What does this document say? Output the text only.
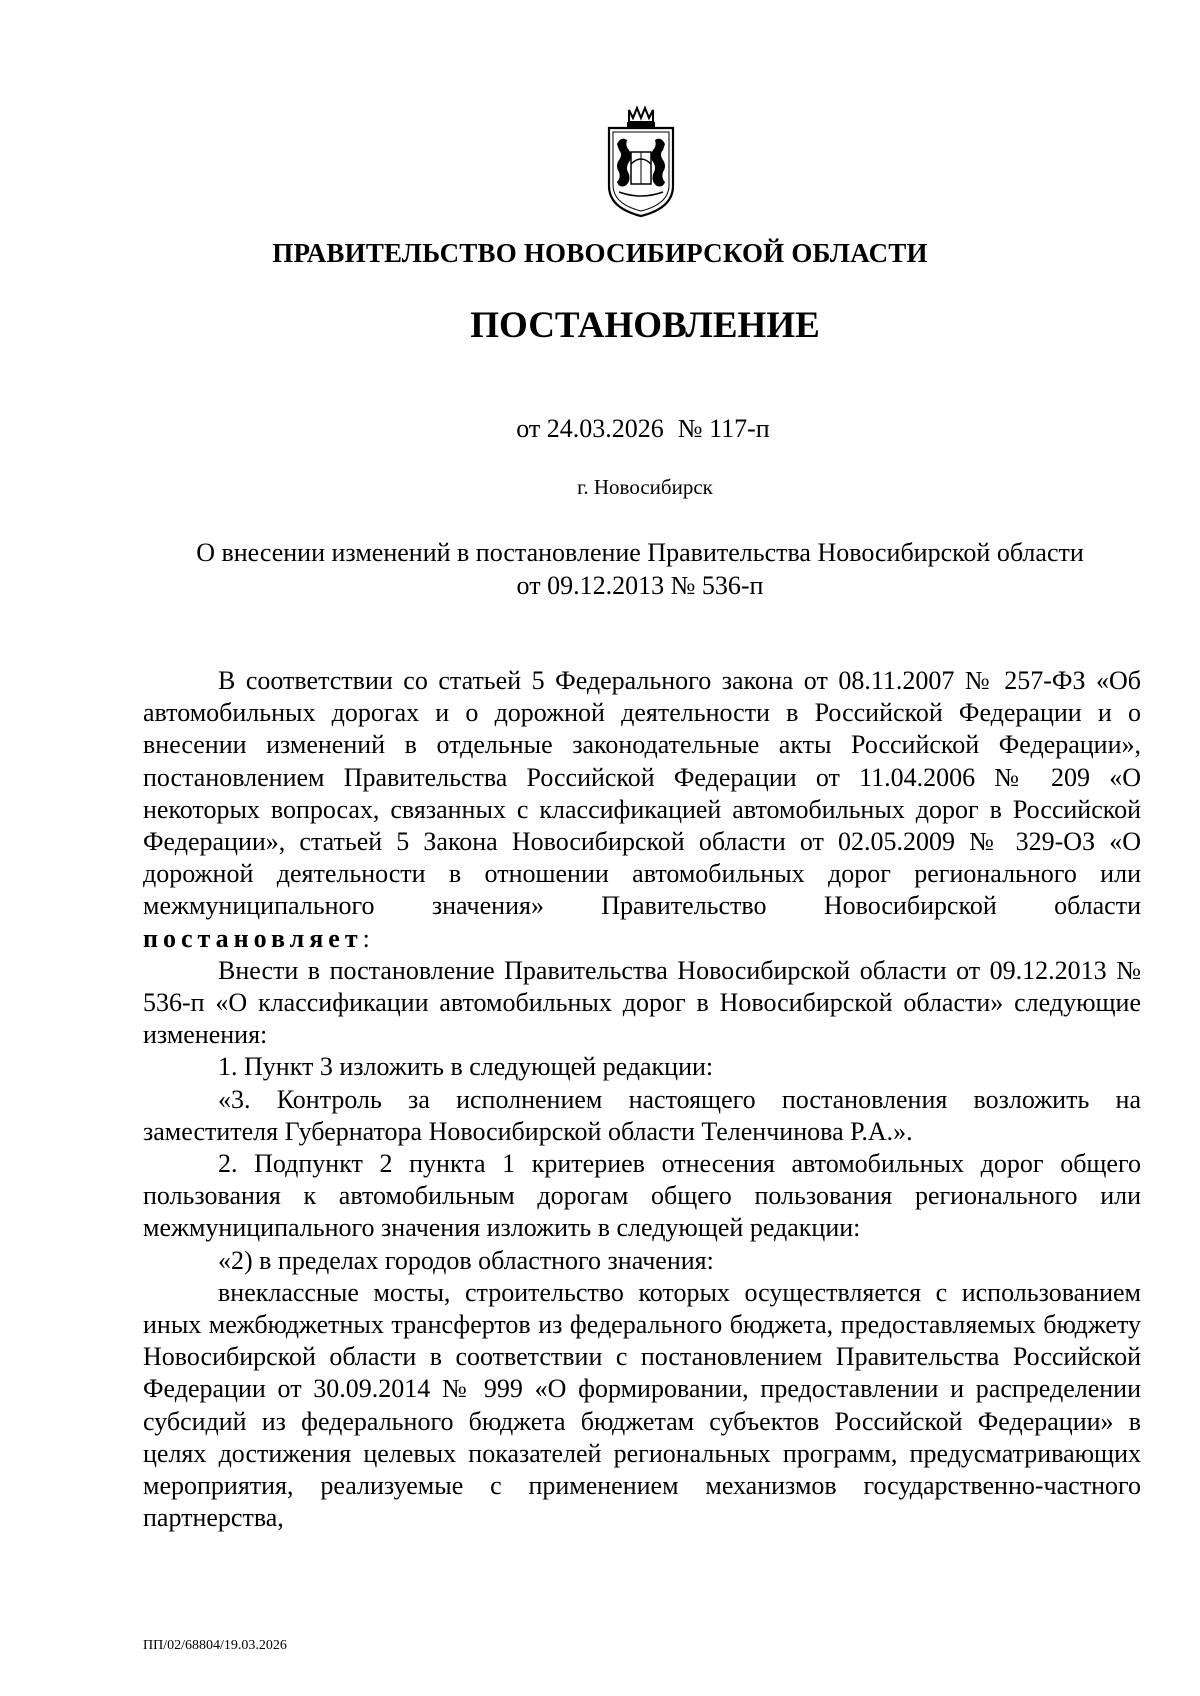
ПРАВИТЕЛЬСТВО НОВОСИБИРСКОЙ ОБЛАСТИ
ПОСТАНОВЛЕНИЕ
от 24.03.2026 № 117-п
г. Новосибирск
О внесении изменений в постановление Правительства Новосибирской области
от 09.12.2013 № 536-п

В соответствии со статьей 5 Федерального закона от 08.11.2007 № 257-ФЗ «Об автомобильных дорогах и о дорожной деятельности в Российской Федерации и о внесении изменений в отдельные законодательные акты Российской Федерации», постановлением Правительства Российской Федерации от 11.04.2006 № 209 «О некоторых вопросах, связанных с классификацией автомобильных дорог в Российской Федерации», статьей 5 Закона Новосибирской области от 02.05.2009 № 329-ОЗ «О дорожной деятельности в отношении автомобильных дорог регионального или межмуниципального значения» Правительство Новосибирской области постановляет:

Внести в постановление Правительства Новосибирской области от 09.12.2013 № 536-п «О классификации автомобильных дорог в Новосибирской области» следующие изменения:

1. Пункт 3 изложить в следующей редакции:

«3. Контроль за исполнением настоящего постановления возложить на заместителя Губернатора Новосибирской области Теленчинова Р.А.».

2. Подпункт 2 пункта 1 критериев отнесения автомобильных дорог общего пользования к автомобильным дорогам общего пользования регионального или межмуниципального значения изложить в следующей редакции:

«2) в пределах городов областного значения:

внеклассные мосты, строительство которых осуществляется с использованием иных межбюджетных трансфертов из федерального бюджета, предоставляемых бюджету Новосибирской области в соответствии с постановлением Правительства Российской Федерации от 30.09.2014 № 999 «О формировании, предоставлении и распределении субсидий из федерального бюджета бюджетам субъектов Российской Федерации» в целях достижения целевых показателей региональных программ, предусматривающих мероприятия, реализуемые с применением механизмов государственно-частного партнерства,

ПП/02/68804/19.03.2026
